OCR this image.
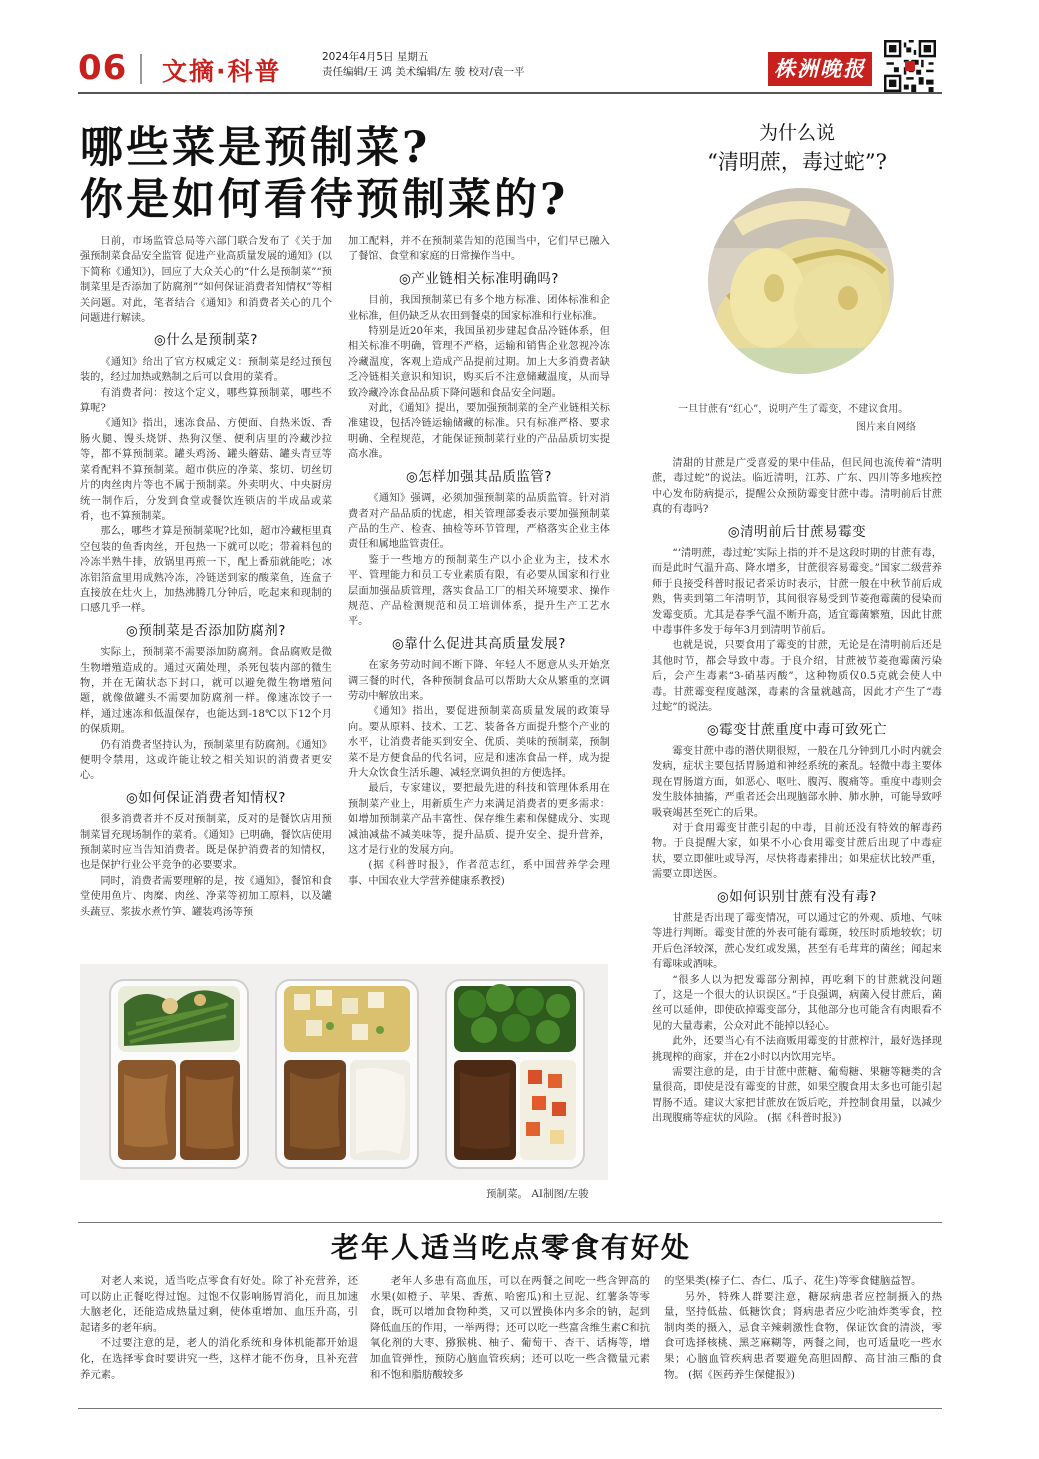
06 文摘·科普	2024年4月5日 星期五
责任编辑/王 鸿 美术编辑/左 骏 校对/袁一平	株洲晚报
哪些菜是预制菜?
你是如何看待预制菜的?

日前，市场监管总局等六部门联合发布了《关于加强预制菜食品安全监管 促进产业高质量发展的通知》(以下简称《通知》)，回应了大众关心的“什么是预制菜”“预制菜里是否添加了防腐剂”“如何保证消费者知情权”等相关问题。对此，笔者结合《通知》和消费者关心的几个问题进行解读。

◎什么是预制菜?

《通知》给出了官方权威定义：预制菜是经过预包装的，经过加热或熟制之后可以食用的菜肴。

有消费者问：按这个定义，哪些算预制菜，哪些不算呢?

《通知》指出，速冻食品、方便面、自热米饭、香肠火腿、馒头烧饼、热狗汉堡、便利店里的冷藏沙拉等，都不算预制菜。罐头鸡汤、罐头蘑菇、罐头青豆等菜肴配料不算预制菜。超市供应的净菜、浆切、切丝切片的肉丝肉片等也不属于预制菜。外卖明火、中央厨房统一制作后，分发到食堂或餐饮连锁店的半成品或菜肴，也不算预制菜。

那么，哪些才算是预制菜呢?比如，超市冷藏柜里真空包装的鱼香肉丝，开包热一下就可以吃；带着料包的冷冻半熟牛排，放锅里再煎一下，配上番茄就能吃；冰冻铝箔盒里用成熟冷冻，冷链送到家的酸菜鱼，连盒子直接放在灶火上，加热沸腾几分钟后，吃起来和现制的口感几乎一样。

◎预制菜是否添加防腐剂?

实际上，预制菜不需要添加防腐剂。食品腐败是微生物增殖造成的。通过灭菌处理，杀死包装内部的微生物，并在无菌状态下封口，就可以避免微生物增殖问题，就像做罐头不需要加防腐剂一样。像速冻饺子一样，通过速冻和低温保存，也能达到-18℃以下12个月的保质期。

仍有消费者坚持认为，预制菜里有防腐剂。《通知》便明令禁用，这或许能让较之相关知识的消费者更安心。

◎如何保证消费者知情权?

很多消费者并不反对预制菜，反对的是餐饮店用预制菜冒充现场制作的菜肴。《通知》已明确，餐饮店使用预制菜时应当告知消费者。既是保护消费者的知情权，也是保护行业公平竞争的必要要求。

同时，消费者需要理解的是，按《通知》，餐馆和食堂使用鱼片、肉糜、肉丝、净菜等初加工原料，以及罐头蔬豆、浆拔水煮竹笋、罐装鸡汤等预

加工配料，并不在预制菜告知的范围当中，它们早已融入了餐馆、食堂和家庭的日常操作当中。

◎产业链相关标准明确吗?

目前，我国预制菜已有多个地方标准、团体标准和企业标准，但仍缺乏从农田到餐桌的国家标准和行业标准。

特别是近20年来，我国虽初步建起食品冷链体系，但相关标准不明确，管理不严格，运输和销售企业忽视冷冻冷藏温度，客观上造成产品提前过期。加上大多消费者缺乏冷链相关意识和知识，购买后不注意储藏温度，从而导致冷藏冷冻食品品质下降问题和食品安全问题。

对此，《通知》提出，要加强预制菜的全产业链相关标准建设，包括冷链运输储藏的标准。只有标准严格、要求明确、全程规范，才能保证预制菜行业的产品品质切实提高水准。

◎怎样加强其品质监管?

《通知》强调，必须加强预制菜的品质监管。针对消费者对产品品质的忧虑，相关管理部委表示要加强预制菜产品的生产、检查、抽检等环节管理，严格落实企业主体责任和属地监管责任。

鉴于一些地方的预制菜生产以小企业为主，技术水平、管理能力和员工专业素质有限，有必要从国家和行业层面加强品质管理，落实食品工厂的相关环境要求、操作规范、产品检测规范和员工培训体系，提升生产工艺水平。

◎靠什么促进其高质量发展?

在家务劳动时间不断下降、年轻人不愿意从头开始烹调三餐的时代，各种预制食品可以帮助大众从繁重的烹调劳动中解放出来。

《通知》指出，要促进预制菜高质量发展的政策导向。要从原料、技术、工艺、装备各方面提升整个产业的水平，让消费者能买到安全、优质、美味的预制菜，预制菜不是方便食品的代名词，应是和速冻食品一样，成为提升大众饮食生活乐趣、减轻烹调负担的方便选择。

最后，专家建议，要把最先进的科技和管理体系用在预制菜产业上，用新质生产力来满足消费者的更多需求：如增加预制菜产品丰富性、保存维生素和保健成分、实现减油减盐不减美味等，提升品质、提升安全、提升营养，这才是行业的发展方向。

(据《科普时报》，作者范志红，系中国营养学会理事、中国农业大学营养健康系教授)

预制菜。 AI制图/左骏
为什么说
“清明蔗，毒过蛇”?
一旦甘蔗有“红心”，说明产生了霉变，不建议食用。
图片来自网络

清甜的甘蔗是广受喜爱的果中佳品，但民间也流传着“清明蔗，毒过蛇”的说法。临近清明，江苏、广东、四川等多地疾控中心发布防病提示，提醒公众预防霉变甘蔗中毒。清明前后甘蔗真的有毒吗?

◎清明前后甘蔗易霉变

“‘清明蔗，毒过蛇’实际上指的并不是这段时期的甘蔗有毒，而是此时气温升高、降水增多，甘蔗很容易霉变。”国家二级营养师于良接受科普时报记者采访时表示，甘蔗一般在中秋节前后成熟，售卖到第二年清明节，其间很容易受到节菱孢霉菌的侵染而发霉变质。尤其是春季气温不断升高，适宜霉菌繁殖，因此甘蔗中毒事件多发于每年3月到清明节前后。

也就是说，只要食用了霉变的甘蔗，无论是在清明前后还是其他时节，都会导致中毒。于良介绍，甘蔗被节菱孢霉菌污染后，会产生毒素“3-硝基丙酸”，这种物质仅0.5克就会使人中毒。甘蔗霉变程度越深，毒素的含量就越高，因此才产生了“毒过蛇”的说法。

◎霉变甘蔗重度中毒可致死亡

霉变甘蔗中毒的潜伏期很短，一般在几分钟到几小时内就会发病，症状主要包括胃肠道和神经系统的紊乱。轻微中毒主要体现在胃肠道方面，如恶心、呕吐、腹泻、腹痛等。重度中毒则会发生肢体抽搐，严重者还会出现脑部水肿、肺水肿，可能导致呼吸衰竭甚至死亡的后果。

对于食用霉变甘蔗引起的中毒，目前还没有特效的解毒药物。于良提醒大家，如果不小心食用霉变甘蔗后出现了中毒症状，要立即催吐或导泻，尽快将毒素排出；如果症状比较严重，需要立即送医。

◎如何识别甘蔗有没有毒?

甘蔗是否出现了霉变情况，可以通过它的外观、质地、气味等进行判断。霉变甘蔗的外表可能有霉斑，较压时质地较软；切开后色泽较深，蔗心发红或发黑，甚至有毛茸茸的菌丝；闻起来有霉味或酒味。

“很多人以为把发霉部分割掉，再吃剩下的甘蔗就没问题了，这是一个很大的认识误区。”于良强调，病菌入侵甘蔗后，菌丝可以延伸，即使砍掉霉变部分，其他部分也可能含有肉眼看不见的大量毒素，公众对此不能掉以轻心。

此外，还要当心有不法商贩用霉变的甘蔗榨汁，最好选择现挑现榨的商家，并在2小时以内饮用完毕。

需要注意的是，由于甘蔗中蔗糖、葡萄糖、果糖等糖类的含量很高，即使是没有霉变的甘蔗，如果空腹食用太多也可能引起胃肠不适。建议大家把甘蔗放在饭后吃，并控制食用量，以减少出现腹痛等症状的风险。 (据《科普时报》)

老年人适当吃点零食有好处

对老人来说，适当吃点零食有好处。除了补充营养，还可以防止正餐吃得过饱。过饱不仅影响肠胃消化，而且加速大脑老化，还能造成热量过剩，使体重增加、血压升高，引起诸多的老年病。

不过要注意的是，老人的消化系统和身体机能都开始退化，在选择零食时要讲究一些，这样才能不伤身，且补充营养元素。

老年人多患有高血压，可以在两餐之间吃一些含钾高的水果(如橙子、苹果、香蕉、哈密瓜)和土豆泥、红薯条等零食，既可以增加食物种类，又可以置换体内多余的钠，起到降低血压的作用，一举两得；还可以吃一些富含维生素C和抗氧化剂的大枣、猕猴桃、柚子、葡萄干、杏干、话梅等，增加血管弹性，预防心脑血管疾病；还可以吃一些含微量元素和不饱和脂肪酸较多

的坚果类(榛子仁、杏仁、瓜子、花生)等零食健脑益智。

另外，特殊人群要注意，糖尿病患者应控制摄入的热量，坚持低盐、低糖饮食；肾病患者应少吃油炸类零食，控制肉类的摄入，忌食辛辣刺激性食物，保证饮食的清淡，零食可选择核桃、黑芝麻糊等，两餐之间，也可适量吃一些水果；心脑血管疾病患者要避免高胆固醇、高甘油三酯的食物。 (据《医药养生保健报》)
